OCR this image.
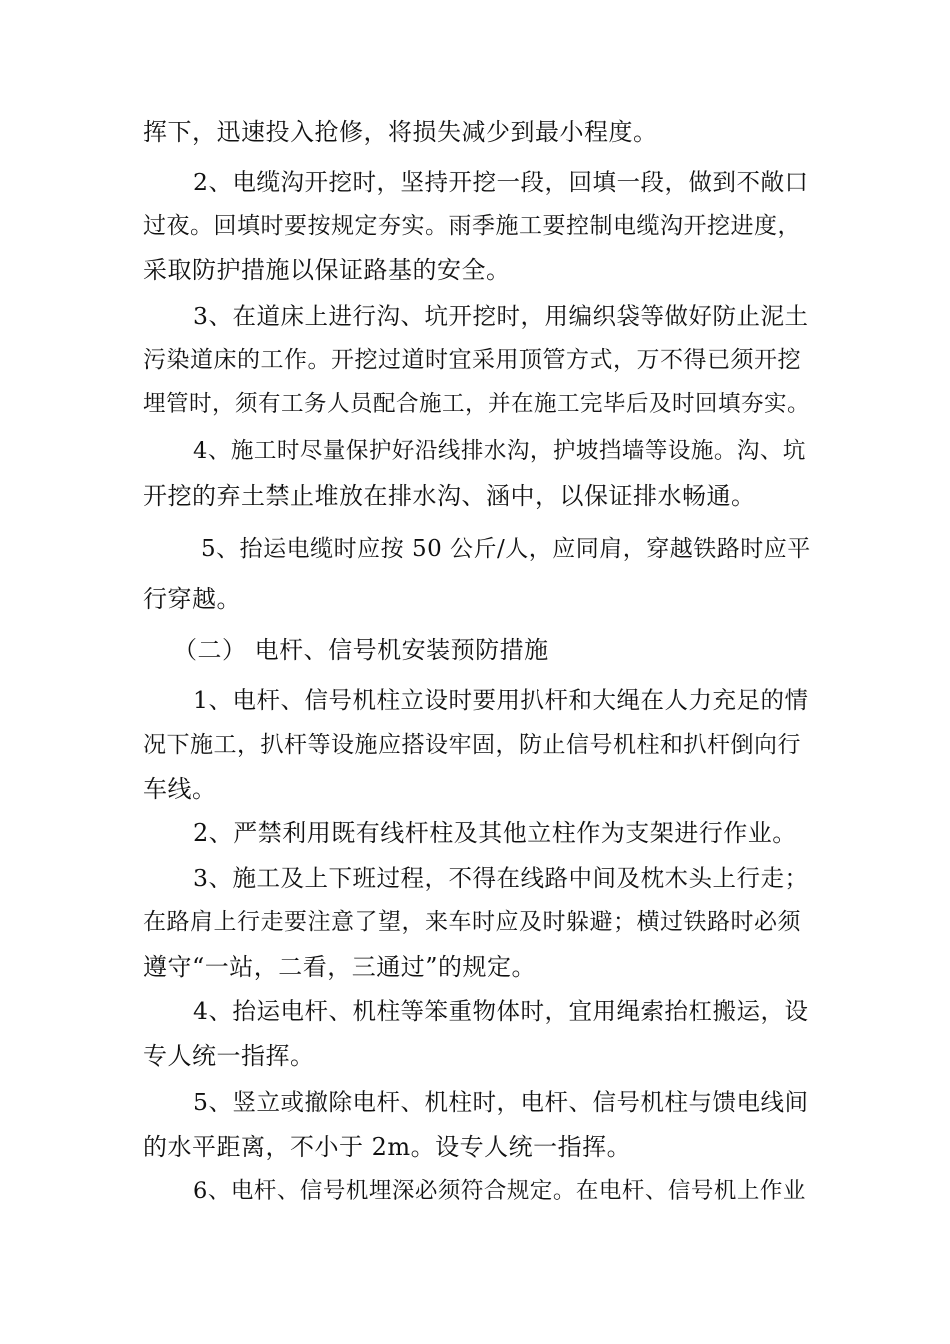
挥下，迅速投入抢修，将损失减少到最小程度。
2、电缆沟开挖时，坚持开挖一段，回填一段，做到不敞口
过夜。回填时要按规定夯实。雨季施工要控制电缆沟开挖进度，
采取防护措施以保证路基的安全。
3、在道床上进行沟、坑开挖时，用编织袋等做好防止泥土
污染道床的工作。开挖过道时宜采用顶管方式，万不得已须开挖
埋管时，须有工务人员配合施工，并在施工完毕后及时回填夯实。
4、施工时尽量保护好沿线排水沟，护坡挡墙等设施。沟、坑
开挖的弃土禁止堆放在排水沟、涵中，以保证排水畅通。
5、抬运电缆时应按 50 公斤/人，应同肩，穿越铁路时应平
行穿越。
（二） 电杆、信号机安装预防措施
1、电杆、信号机柱立设时要用扒杆和大绳在人力充足的情
况下施工，扒杆等设施应搭设牢固，防止信号机柱和扒杆倒向行
车线。
2、严禁利用既有线杆柱及其他立柱作为支架进行作业。
3、施工及上下班过程，不得在线路中间及枕木头上行走；
在路肩上行走要注意了望，来车时应及时躲避；横过铁路时必须
遵守“一站，二看，三通过”的规定。
4、抬运电杆、机柱等笨重物体时，宜用绳索抬杠搬运，设
专人统一指挥。
5、竖立或撤除电杆、机柱时，电杆、信号机柱与馈电线间
的水平距离，不小于 2m。设专人统一指挥。
6、电杆、信号机埋深必须符合规定。在电杆、信号机上作业
